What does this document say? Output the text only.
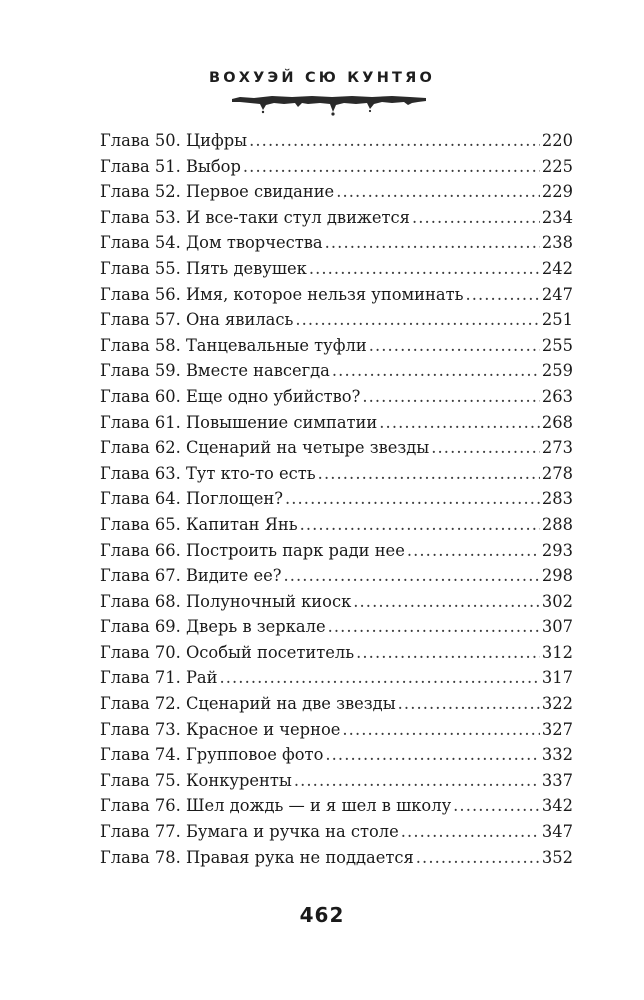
ВОХУЭЙ СЮ КУНТЯО
Глава 50. Цифры .....	220
Глава 51. Выбор .....	225
Глава 52. Первое свидание .....	229
Глава 53. И все-таки стул движется .....	234
Глава 54. Дом творчества .....	238
Глава 55. Пять девушек .....	242
Глава 56. Имя, которое нельзя упоминать .....	247
Глава 57. Она явилась .....	251
Глава 58. Танцевальные туфли .....	255
Глава 59. Вместе навсегда .....	259
Глава 60. Еще одно убийство? .....	263
Глава 61. Повышение симпатии .....	268
Глава 62. Сценарий на четыре звезды .....	273
Глава 63. Тут кто-то есть .....	278
Глава 64. Поглощен? .....	283
Глава 65. Капитан Янь .....	288
Глава 66. Построить парк ради нее .....	293
Глава 67. Видите ее? .....	298
Глава 68. Полуночный киоск .....	302
Глава 69. Дверь в зеркале .....	307
Глава 70. Особый посетитель .....	312
Глава 71. Рай .....	317
Глава 72. Сценарий на две звезды .....	322
Глава 73. Красное и черное .....	327
Глава 74. Групповое фото .....	332
Глава 75. Конкуренты .....	337
Глава 76. Шел дождь — и я шел в школу .....	342
Глава 77. Бумага и ручка на столе .....	347
Глава 78. Правая рука не поддается .....	352
462
